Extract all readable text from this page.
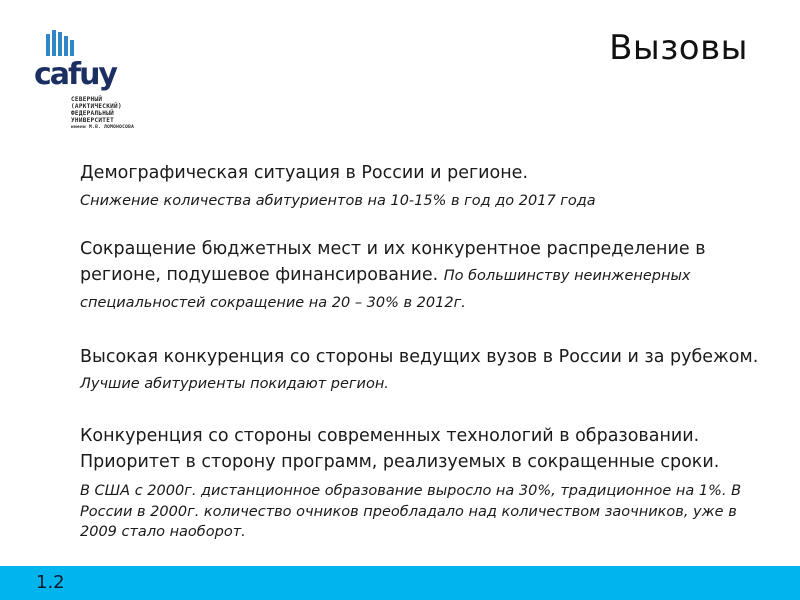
cafuy
СЕВЕРНЫЙ
(АРКТИЧЕСКИЙ)
ФЕДЕРАЛЬНЫЙ
УНИВЕРСИТЕТ
имени М.В. ЛОМОНОСОВА
Вызовы
Демографическая ситуация в России и регионе.
Снижение количества абитуриентов на 10-15% в год до 2017 года
Сокращение бюджетных мест и их конкурентное распределение в регионе, подушевое финансирование. По большинству неинженерных специальностей сокращение на 20 – 30% в 2012г.
Высокая конкуренция со стороны ведущих вузов в России и за рубежом. Лучшие абитуриенты покидают регион.
Конкуренция со стороны современных технологий в образовании. Приоритет в сторону программ, реализуемых в сокращенные сроки.
В США с 2000г. дистанционное образование выросло на 30%, традиционное на 1%. В России в 2000г. количество очников преобладало над количеством заочников, уже в 2009 стало наоборот.
1.2
